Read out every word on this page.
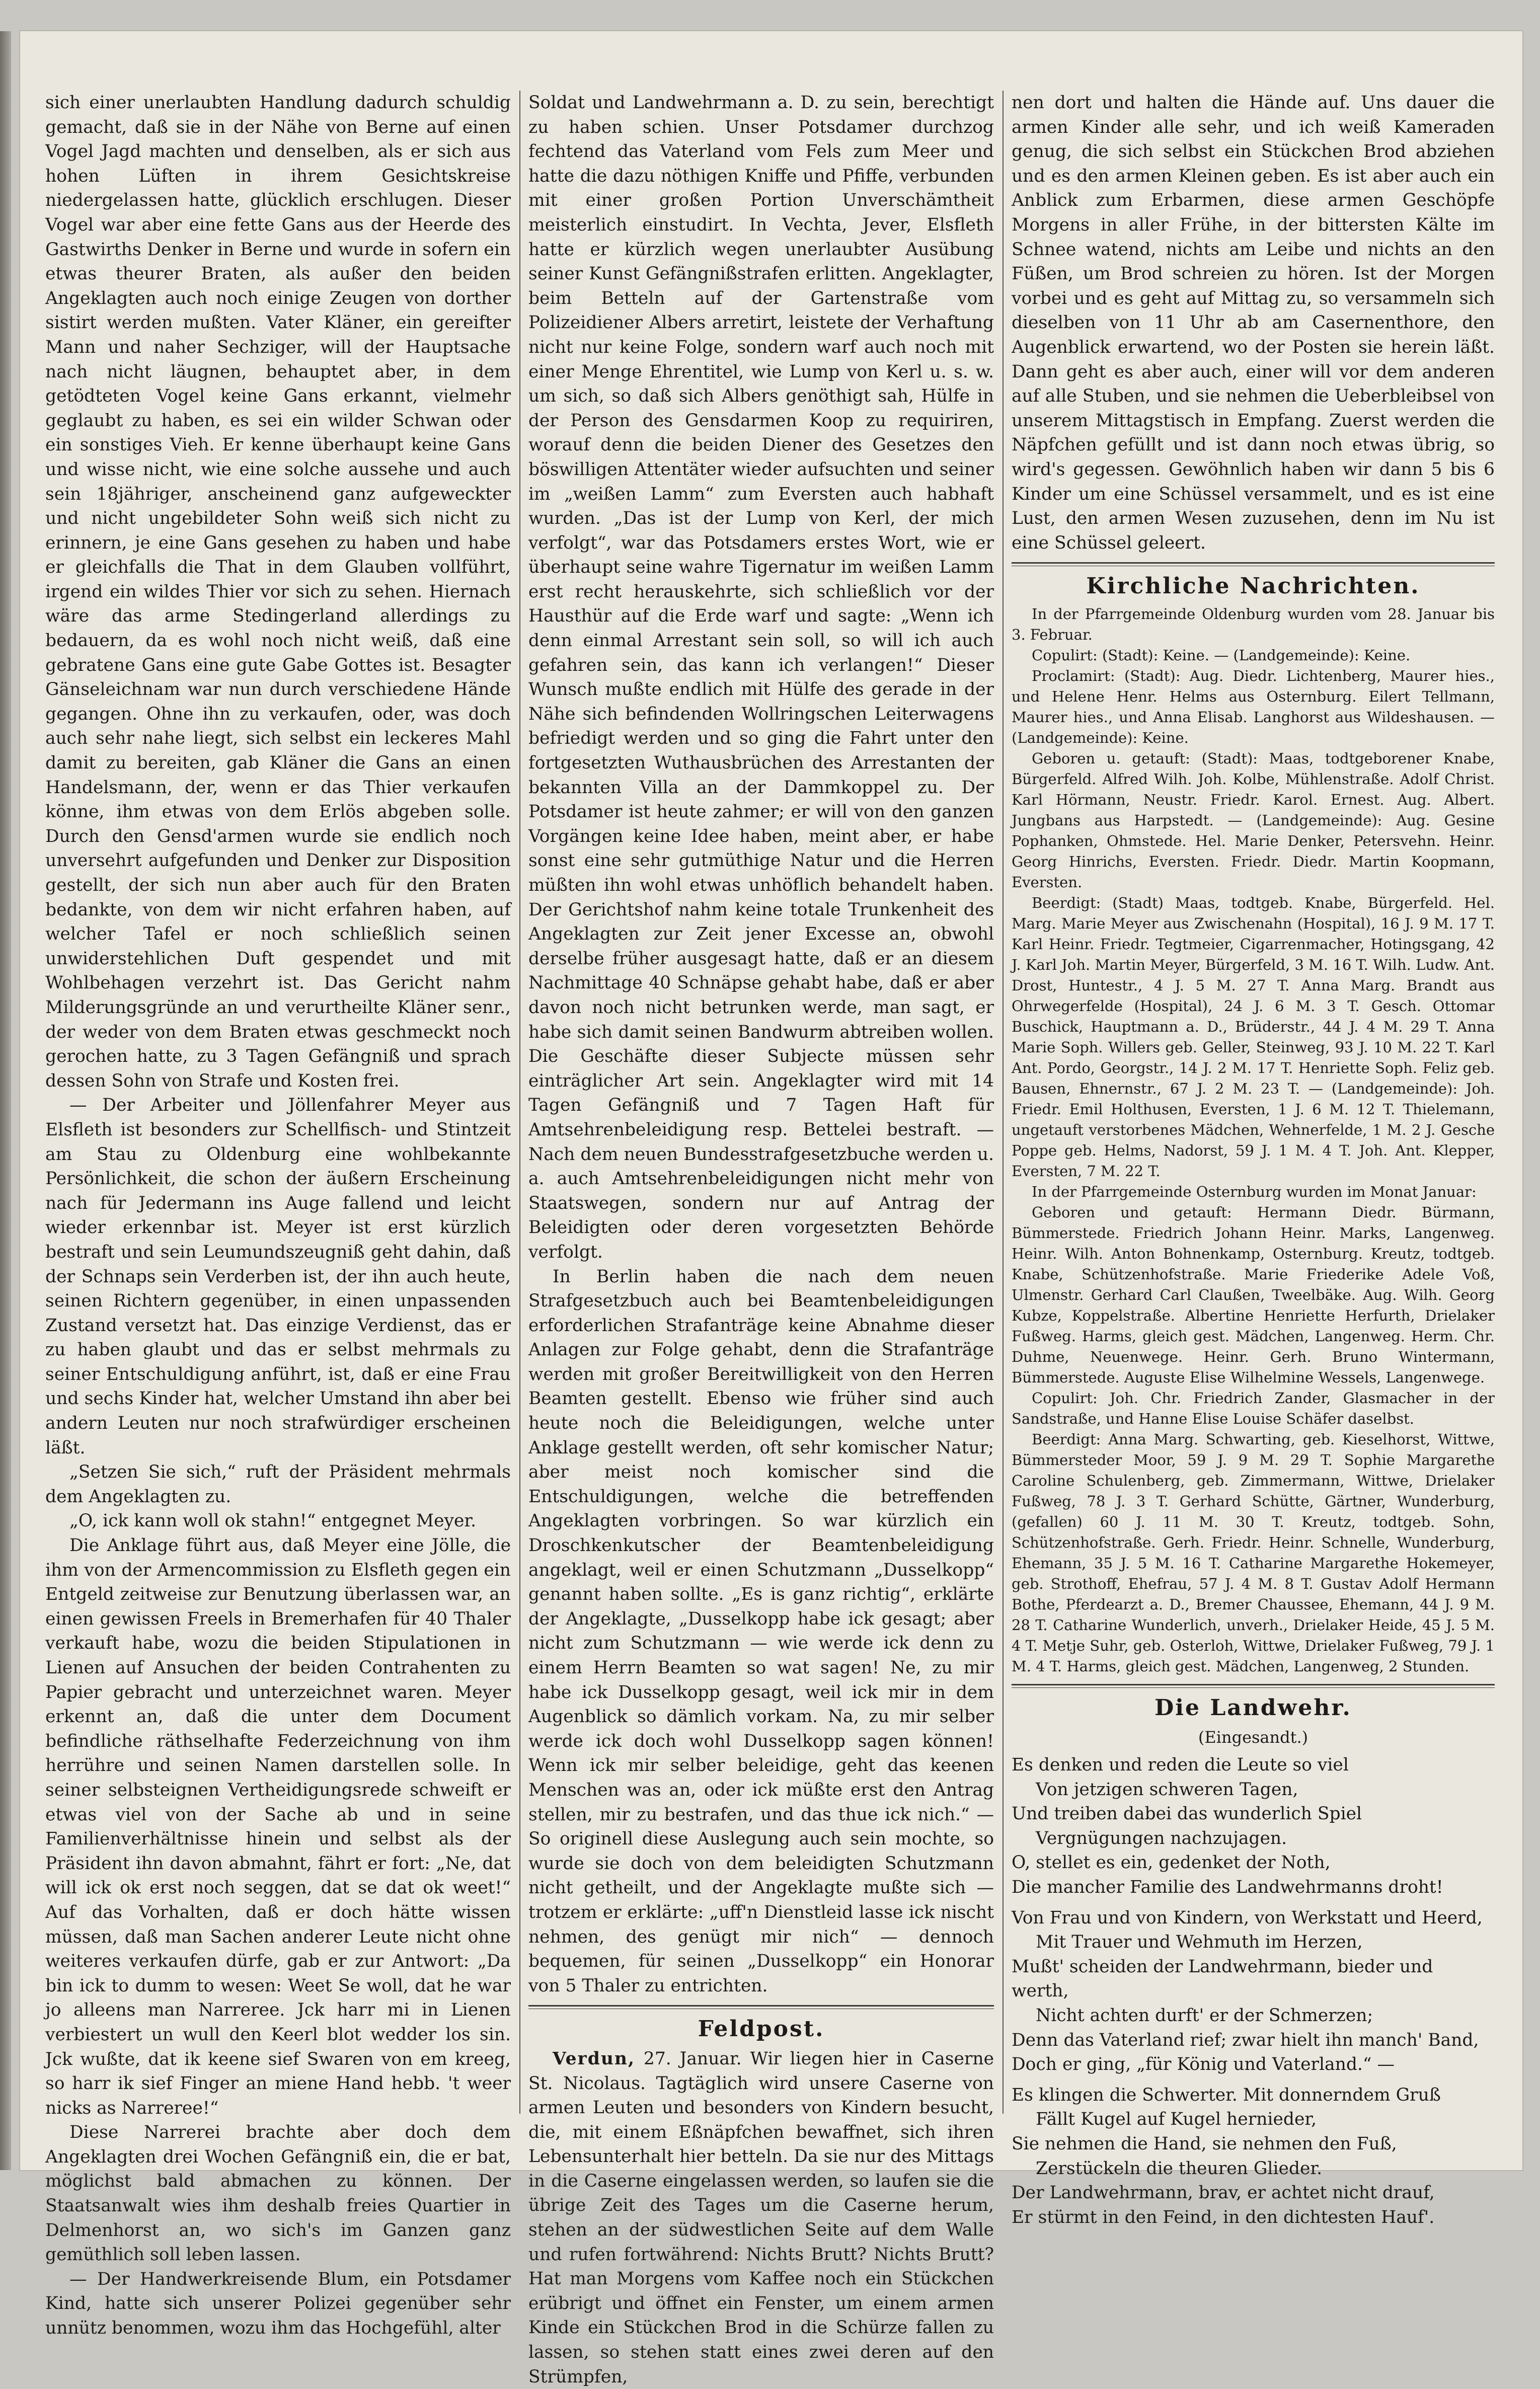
sich einer unerlaubten Handlung dadurch schuldig gemacht, daß sie in der Nähe von Berne auf einen Vogel Jagd machten und denselben, als er sich aus hohen Lüften in ihrem Gesichtskreise niedergelassen hatte, glücklich erschlugen. Dieser Vogel war aber eine fette Gans aus der Heerde des Gastwirths Denker in Berne und wurde in sofern ein etwas theurer Braten, als außer den beiden Angeklagten auch noch einige Zeugen von dorther sistirt werden mußten. Vater Kläner, ein gereifter Mann und naher Sechziger, will der Hauptsache nach nicht läugnen, behauptet aber, in dem getödteten Vogel keine Gans erkannt, vielmehr geglaubt zu haben, es sei ein wilder Schwan oder ein sonstiges Vieh. Er kenne überhaupt keine Gans und wisse nicht, wie eine solche aussehe und auch sein 18jähriger, anscheinend ganz aufgeweckter und nicht ungebildeter Sohn weiß sich nicht zu erinnern, je eine Gans gesehen zu haben und habe er gleichfalls die That in dem Glauben vollführt, irgend ein wildes Thier vor sich zu sehen. Hiernach wäre das arme Stedingerland allerdings zu bedauern, da es wohl noch nicht weiß, daß eine gebratene Gans eine gute Gabe Gottes ist. Besagter Gänseleichnam war nun durch verschiedene Hände gegangen. Ohne ihn zu verkaufen, oder, was doch auch sehr nahe liegt, sich selbst ein leckeres Mahl damit zu bereiten, gab Kläner die Gans an einen Handelsmann, der, wenn er das Thier verkaufen könne, ihm etwas von dem Erlös abgeben solle. Durch den Gensd'armen wurde sie endlich noch unversehrt aufgefunden und Denker zur Disposition gestellt, der sich nun aber auch für den Braten bedankte, von dem wir nicht erfahren haben, auf welcher Tafel er noch schließlich seinen unwiderstehlichen Duft gespendet und mit Wohlbehagen verzehrt ist. Das Gericht nahm Milderungsgründe an und verurtheilte Kläner senr., der weder von dem Braten etwas geschmeckt noch gerochen hatte, zu 3 Tagen Gefängniß und sprach dessen Sohn von Strafe und Kosten frei.

— Der Arbeiter und Jöllenfahrer Meyer aus Elsfleth ist besonders zur Schellfisch- und Stintzeit am Stau zu Oldenburg eine wohlbekannte Persönlichkeit, die schon der äußern Erscheinung nach für Jedermann ins Auge fallend und leicht wieder erkennbar ist. Meyer ist erst kürzlich bestraft und sein Leumundszeugniß geht dahin, daß der Schnaps sein Verderben ist, der ihn auch heute, seinen Richtern gegenüber, in einen unpassenden Zustand versetzt hat. Das einzige Verdienst, das er zu haben glaubt und das er selbst mehrmals zu seiner Entschuldigung anführt, ist, daß er eine Frau und sechs Kinder hat, welcher Umstand ihn aber bei andern Leuten nur noch strafwürdiger erscheinen läßt.

„Setzen Sie sich,“ ruft der Präsident mehrmals dem Angeklagten zu.

„O, ick kann woll ok stahn!“ entgegnet Meyer.

Die Anklage führt aus, daß Meyer eine Jölle, die ihm von der Armencommission zu Elsfleth gegen ein Entgeld zeitweise zur Benutzung überlassen war, an einen gewissen Freels in Bremerhafen für 40 Thaler verkauft habe, wozu die beiden Stipulationen in Lienen auf Ansuchen der beiden Contrahenten zu Papier gebracht und unterzeichnet waren. Meyer erkennt an, daß die unter dem Document befindliche räthselhafte Federzeichnung von ihm herrühre und seinen Namen darstellen solle. In seiner selbsteignen Vertheidigungsrede schweift er etwas viel von der Sache ab und in seine Familienverhältnisse hinein und selbst als der Präsident ihn davon abmahnt, fährt er fort: „Ne, dat will ick ok erst noch seggen, dat se dat ok weet!“ Auf das Vorhalten, daß er doch hätte wissen müssen, daß man Sachen anderer Leute nicht ohne weiteres verkaufen dürfe, gab er zur Antwort: „Da bin ick to dumm to wesen: Weet Se woll, dat he war jo alleens man Narreree. Jck harr mi in Lienen verbiestert un wull den Keerl blot wedder los sin. Jck wußte, dat ik keene sief Swaren von em kreeg, so harr ik sief Finger an miene Hand hebb. 't weer nicks as Narreree!“

Diese Narrerei brachte aber doch dem Angeklagten drei Wochen Gefängniß ein, die er bat, möglichst bald abmachen zu können. Der Staatsanwalt wies ihm deshalb freies Quartier in Delmenhorst an, wo sich's im Ganzen ganz gemüthlich soll leben lassen.

— Der Handwerkreisende Blum, ein Potsdamer Kind, hatte sich unserer Polizei gegenüber sehr unnütz benommen, wozu ihm das Hochgefühl, alter

Soldat und Landwehrmann a. D. zu sein, berechtigt zu haben schien. Unser Potsdamer durchzog fechtend das Vaterland vom Fels zum Meer und hatte die dazu nöthigen Kniffe und Pfiffe, verbunden mit einer großen Portion Unverschämtheit meisterlich einstudirt. In Vechta, Jever, Elsfleth hatte er kürzlich wegen unerlaubter Ausübung seiner Kunst Gefängnißstrafen erlitten. Angeklagter, beim Betteln auf der Gartenstraße vom Polizeidiener Albers arretirt, leistete der Verhaftung nicht nur keine Folge, sondern warf auch noch mit einer Menge Ehrentitel, wie Lump von Kerl u. s. w. um sich, so daß sich Albers genöthigt sah, Hülfe in der Person des Gensdarmen Koop zu requiriren, worauf denn die beiden Diener des Gesetzes den böswilligen Attentäter wieder aufsuchten und seiner im „weißen Lamm“ zum Eversten auch habhaft wurden. „Das ist der Lump von Kerl, der mich verfolgt“, war das Potsdamers erstes Wort, wie er überhaupt seine wahre Tigernatur im weißen Lamm erst recht herauskehrte, sich schließlich vor der Hausthür auf die Erde warf und sagte: „Wenn ich denn einmal Arrestant sein soll, so will ich auch gefahren sein, das kann ich verlangen!“ Dieser Wunsch mußte endlich mit Hülfe des gerade in der Nähe sich befindenden Wollringschen Leiterwagens befriedigt werden und so ging die Fahrt unter den fortgesetzten Wuthausbrüchen des Arrestanten der bekannten Villa an der Dammkoppel zu. Der Potsdamer ist heute zahmer; er will von den ganzen Vorgängen keine Idee haben, meint aber, er habe sonst eine sehr gutmüthige Natur und die Herren müßten ihn wohl etwas unhöflich behandelt haben. Der Gerichtshof nahm keine totale Trunkenheit des Angeklagten zur Zeit jener Excesse an, obwohl derselbe früher ausgesagt hatte, daß er an diesem Nachmittage 40 Schnäpse gehabt habe, daß er aber davon noch nicht betrunken werde, man sagt, er habe sich damit seinen Bandwurm abtreiben wollen. Die Geschäfte dieser Subjecte müssen sehr einträglicher Art sein. Angeklagter wird mit 14 Tagen Gefängniß und 7 Tagen Haft für Amtsehrenbeleidigung resp. Bettelei bestraft. — Nach dem neuen Bundesstrafgesetzbuche werden u. a. auch Amtsehrenbeleidigungen nicht mehr von Staatswegen, sondern nur auf Antrag der Beleidigten oder deren vorgesetzten Behörde verfolgt.

In Berlin haben die nach dem neuen Strafgesetzbuch auch bei Beamtenbeleidigungen erforderlichen Strafanträge keine Abnahme dieser Anlagen zur Folge gehabt, denn die Strafanträge werden mit großer Bereitwilligkeit von den Herren Beamten gestellt. Ebenso wie früher sind auch heute noch die Beleidigungen, welche unter Anklage gestellt werden, oft sehr komischer Natur; aber meist noch komischer sind die Entschuldigungen, welche die betreffenden Angeklagten vorbringen. So war kürzlich ein Droschkenkutscher der Beamtenbeleidigung angeklagt, weil er einen Schutzmann „Dusselkopp“ genannt haben sollte. „Es is ganz richtig“, erklärte der Angeklagte, „Dusselkopp habe ick gesagt; aber nicht zum Schutzmann — wie werde ick denn zu einem Herrn Beamten so wat sagen! Ne, zu mir habe ick Dusselkopp gesagt, weil ick mir in dem Augenblick so dämlich vorkam. Na, zu mir selber werde ick doch wohl Dusselkopp sagen können! Wenn ick mir selber beleidige, geht das keenen Menschen was an, oder ick müßte erst den Antrag stellen, mir zu bestrafen, und das thue ick nich.“ — So originell diese Auslegung auch sein mochte, so wurde sie doch von dem beleidigten Schutzmann nicht getheilt, und der Angeklagte mußte sich — trotzem er erklärte: „uff'n Dienstleid lasse ick nischt nehmen, des genügt mir nich“ — dennoch bequemen, für seinen „Dusselkopp“ ein Honorar von 5 Thaler zu entrichten.

Feldpost.

Verdun, 27. Januar. Wir liegen hier in Caserne St. Nicolaus. Tagtäglich wird unsere Caserne von armen Leuten und besonders von Kindern besucht, die, mit einem Eßnäpfchen bewaffnet, sich ihren Lebensunterhalt hier betteln. Da sie nur des Mittags in die Caserne eingelassen werden, so laufen sie die übrige Zeit des Tages um die Caserne herum, stehen an der südwestlichen Seite auf dem Walle und rufen fortwährend: Nichts Brutt? Nichts Brutt? Hat man Morgens vom Kaffee noch ein Stückchen erübrigt und öffnet ein Fenster, um einem armen Kinde ein Stückchen Brod in die Schürze fallen zu lassen, so stehen statt eines zwei deren auf den Strümpfen,

nen dort und halten die Hände auf. Uns dauer die armen Kinder alle sehr, und ich weiß Kameraden genug, die sich selbst ein Stückchen Brod abziehen und es den armen Kleinen geben. Es ist aber auch ein Anblick zum Erbarmen, diese armen Geschöpfe Morgens in aller Frühe, in der bittersten Kälte im Schnee watend, nichts am Leibe und nichts an den Füßen, um Brod schreien zu hören. Ist der Morgen vorbei und es geht auf Mittag zu, so versammeln sich dieselben von 11 Uhr ab am Casernenthore, den Augenblick erwartend, wo der Posten sie herein läßt. Dann geht es aber auch, einer will vor dem anderen auf alle Stuben, und sie nehmen die Ueberbleibsel von unserem Mittagstisch in Empfang. Zuerst werden die Näpfchen gefüllt und ist dann noch etwas übrig, so wird's gegessen. Gewöhnlich haben wir dann 5 bis 6 Kinder um eine Schüssel versammelt, und es ist eine Lust, den armen Wesen zuzusehen, denn im Nu ist eine Schüssel geleert.

Kirchliche Nachrichten.

In der Pfarrgemeinde Oldenburg wurden vom 28. Januar bis 3. Februar.

Copulirt: (Stadt): Keine. — (Landgemeinde): Keine.

Proclamirt: (Stadt): Aug. Diedr. Lichtenberg, Maurer hies., und Helene Henr. Helms aus Osternburg. Eilert Tellmann, Maurer hies., und Anna Elisab. Langhorst aus Wildeshausen. — (Landgemeinde): Keine.

Geboren u. getauft: (Stadt): Maas, todtgeborener Knabe, Bürgerfeld. Alfred Wilh. Joh. Kolbe, Mühlenstraße. Adolf Christ. Karl Hörmann, Neustr. Friedr. Karol. Ernest. Aug. Albert. Jungbans aus Harpstedt. — (Landgemeinde): Aug. Gesine Pophanken, Ohmstede. Hel. Marie Denker, Petersvehn. Heinr. Georg Hinrichs, Eversten. Friedr. Diedr. Martin Koopmann, Eversten.

Beerdigt: (Stadt) Maas, todtgeb. Knabe, Bürgerfeld. Hel. Marg. Marie Meyer aus Zwischenahn (Hospital), 16 J. 9 M. 17 T. Karl Heinr. Friedr. Tegtmeier, Cigarrenmacher, Hotingsgang, 42 J. Karl Joh. Martin Meyer, Bürgerfeld, 3 M. 16 T. Wilh. Ludw. Ant. Drost, Huntestr., 4 J. 5 M. 27 T. Anna Marg. Brandt aus Ohrwegerfelde (Hospital), 24 J. 6 M. 3 T. Gesch. Ottomar Buschick, Hauptmann a. D., Brüderstr., 44 J. 4 M. 29 T. Anna Marie Soph. Willers geb. Geller, Steinweg, 93 J. 10 M. 22 T. Karl Ant. Pordo, Georgstr., 14 J. 2 M. 17 T. Henriette Soph. Feliz geb. Bausen, Ehnernstr., 67 J. 2 M. 23 T. — (Landgemeinde): Joh. Friedr. Emil Holthusen, Eversten, 1 J. 6 M. 12 T. Thielemann, ungetauft verstorbenes Mädchen, Wehnerfelde, 1 M. 2 J. Gesche Poppe geb. Helms, Nadorst, 59 J. 1 M. 4 T. Joh. Ant. Klepper, Eversten, 7 M. 22 T.

In der Pfarrgemeinde Osternburg wurden im Monat Januar:

Geboren und getauft: Hermann Diedr. Bürmann, Bümmerstede. Friedrich Johann Heinr. Marks, Langenweg. Heinr. Wilh. Anton Bohnenkamp, Osternburg. Kreutz, todtgeb. Knabe, Schützenhofstraße. Marie Friederike Adele Voß, Ulmenstr. Gerhard Carl Claußen, Tweelbäke. Aug. Wilh. Georg Kubze, Koppelstraße. Albertine Henriette Herfurth, Drielaker Fußweg. Harms, gleich gest. Mädchen, Langenweg. Herm. Chr. Duhme, Neuenwege. Heinr. Gerh. Bruno Wintermann, Bümmerstede. Auguste Elise Wilhelmine Wessels, Langenwege.

Copulirt: Joh. Chr. Friedrich Zander, Glasmacher in der Sandstraße, und Hanne Elise Louise Schäfer daselbst.

Beerdigt: Anna Marg. Schwarting, geb. Kieselhorst, Wittwe, Bümmersteder Moor, 59 J. 9 M. 29 T. Sophie Margarethe Caroline Schulenberg, geb. Zimmermann, Wittwe, Drielaker Fußweg, 78 J. 3 T. Gerhard Schütte, Gärtner, Wunderburg, (gefallen) 60 J. 11 M. 30 T. Kreutz, todtgeb. Sohn, Schützenhofstraße. Gerh. Friedr. Heinr. Schnelle, Wunderburg, Ehemann, 35 J. 5 M. 16 T. Catharine Margarethe Hokemeyer, geb. Strothoff, Ehefrau, 57 J. 4 M. 8 T. Gustav Adolf Hermann Bothe, Pferdearzt a. D., Bremer Chaussee, Ehemann, 44 J. 9 M. 28 T. Catharine Wunderlich, unverh., Drielaker Heide, 45 J. 5 M. 4 T. Metje Suhr, geb. Osterloh, Wittwe, Drielaker Fußweg, 79 J. 1 M. 4 T. Harms, gleich gest. Mädchen, Langenweg, 2 Stunden.

Die Landwehr.
(Eingesandt.)

Es denken und reden die Leute so viel

Von jetzigen schweren Tagen,

Und treiben dabei das wunderlich Spiel

Vergnügungen nachzujagen.

O, stellet es ein, gedenket der Noth,

Die mancher Familie des Landwehrmanns droht!

Von Frau und von Kindern, von Werkstatt und Heerd,

Mit Trauer und Wehmuth im Herzen,

Mußt' scheiden der Landwehrmann, bieder und werth,

Nicht achten durft' er der Schmerzen;

Denn das Vaterland rief; zwar hielt ihn manch' Band,

Doch er ging, „für König und Vaterland.“ —

Es klingen die Schwerter. Mit donnerndem Gruß

Fällt Kugel auf Kugel hernieder,

Sie nehmen die Hand, sie nehmen den Fuß,

Zerstückeln die theuren Glieder.

Der Landwehrmann, brav, er achtet nicht drauf,

Er stürmt in den Feind, in den dichtesten Hauf'.
